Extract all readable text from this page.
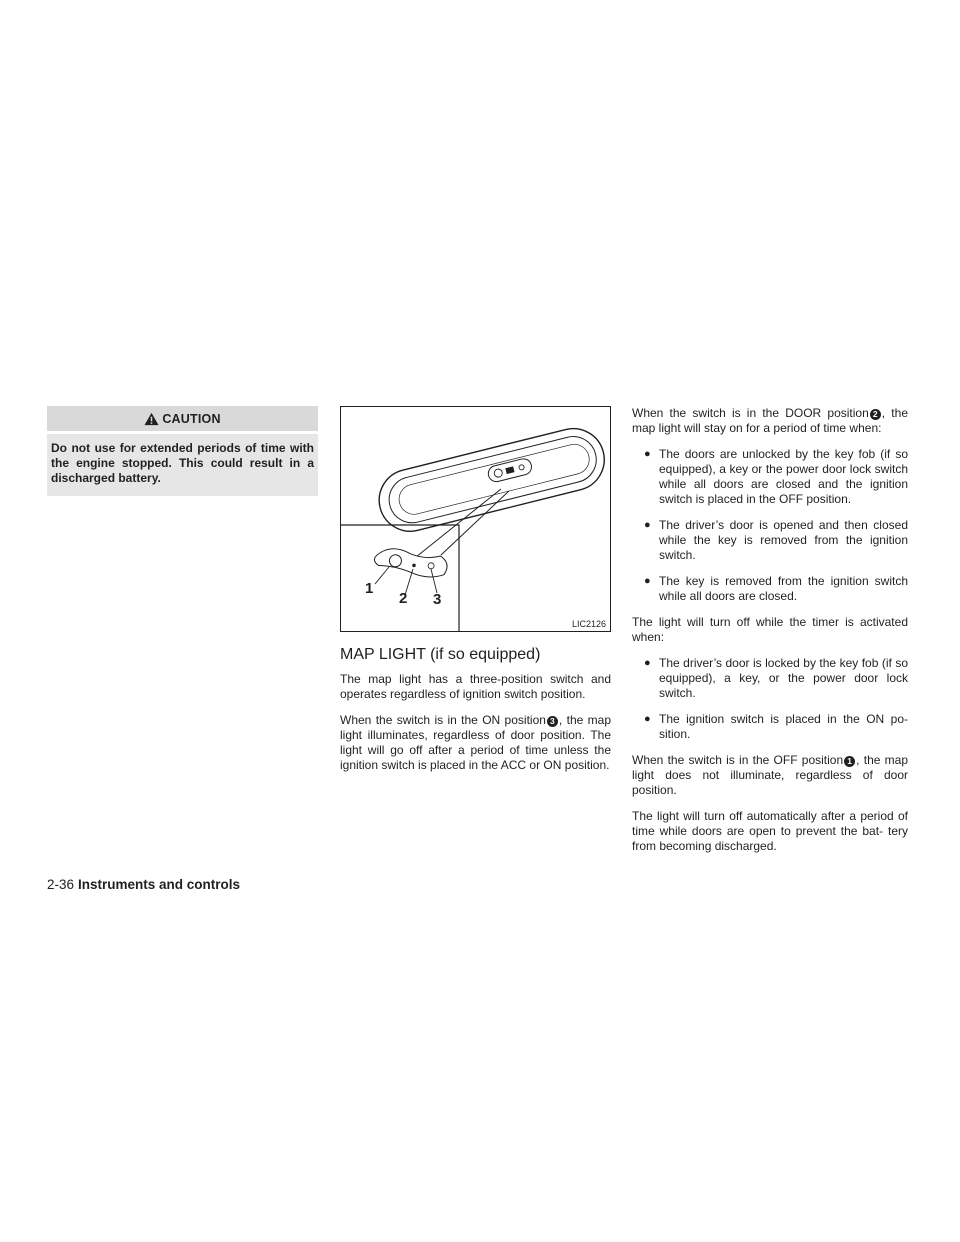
CAUTION
Do not use for extended periods of time with the engine stopped. This could result in a discharged battery.
1
2 3
LIC2126
MAP LIGHT (if so equipped)

The map light has a three-position switch and operates regardless of ignition switch position.

When the switch is in the ON position 3 , the map light illuminates, regardless of door position. The light will go off after a period of time unless the ignition switch is placed in the ACC or ON position.

When the switch is in the DOOR position 2 , the map light will stay on for a period of time when:

● The doors are unlocked by the key fob (if so equipped), a key or the power door lock switch while all doors are closed and the ignition switch is placed in the OFF position.
● The driver’s door is opened and then closed while the key is removed from the ignition switch.
● The key is removed from the ignition switch while all doors are closed.

The light will turn off while the timer is activated when:

● The driver’s door is locked by the key fob (if so equipped), a key, or the power door lock switch.
● The ignition switch is placed in the ON po- sition.

When the switch is in the OFF position 1 , the map light does not illuminate, regardless of door position.

The light will turn off automatically after a period of time while doors are open to prevent the bat- tery from becoming discharged.

2-36 Instruments and controls
